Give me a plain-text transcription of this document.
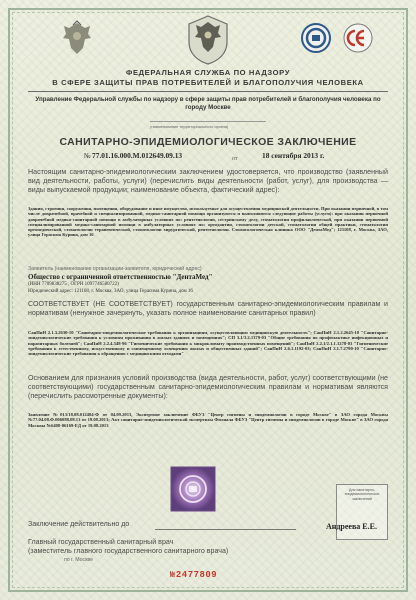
ФЕДЕРАЛЬНАЯ СЛУЖБА ПО НАДЗОРУ
В СФЕРЕ ЗАЩИТЫ ПРАВ ПОТРЕБИТЕЛЕЙ И БЛАГОПОЛУЧИЯ ЧЕЛОВЕКА
Управление Федеральной службы по надзору в сфере защиты прав потребителей и благополучия человека по городу Москве
(наименование территориального органа)
САНИТАРНО-ЭПИДЕМИОЛОГИЧЕСКОЕ ЗАКЛЮЧЕНИЕ
№ 77.01.16.000.М.012649.09.13	от	18 сентября 2013 г.
Настоящим санитарно-эпидемиологическим заключением удостоверяется, что производство (заявленный вид деятельности, работы, услуги) (перечислить виды деятельности (работ, услуг), для производства — виды выпускаемой продукции; наименование объекта, фактический адрес):
Здания, строения, сооружения, помещения, оборудование и иное имущество, используемые для осуществления медицинской деятельности. При оказании первичной, в том числе доврачебной, врачебной и специализированной, медико-санитарной помощи организуются и выполняются следующие работы (услуги): при оказании первичной доврачебной медико-санитарной помощи в амбулаторных условиях по: рентгенологии, сестринскому делу, стоматологии профилактической, при оказании первичной специализированной медико-санитарной помощи в амбулаторных условиях по: ортодонтии, стоматологии детской, стоматологии общей практики, стоматологии ортопедической, стоматологии терапевтической, стоматологии хирургической, рентгенологии. Стоматологическая клиника ООО "ДентаМед"; 121108, г. Москва, ЗАО, улица Герасима Курина, дом 16
Заявитель (наименование организации-заявителя, юридический адрес)
Общество с ограниченной ответственностью "ДентаМед"
(ИНН 7709838275 , ОГРН 1097746580722)
Юридический адрес: 121108, г. Москва, ЗАО, улица Герасима Курина, дом 16
СООТВЕТСТВУЕТ (НЕ СООТВЕТСТВУЕТ) государственным санитарно-эпидемиологическим правилам и нормативам (ненужное зачеркнуть, указать полное наименование санитарных правил)
СанПиН 2.1.3.2630-10 "Санитарно-эпидемиологические требования к организациям, осуществляющим медицинскую деятельность"; СанПиН 2.1.2.2645-10 "Санитарно-эпидемиологические требования к условиям проживания в жилых зданиях и помещениях"; СП 3.1/3.2.1379-03 "Общие требования по профилактике инфекционных и паразитарных болезней"; СанПиН 2.2.4.548-96 "Гигиенические требования к микроклимату производственных помещений"; СанПиН 2.2.1/2.1.1.1278-03 "Гигиенические требования к естественному, искусственному и совмещенному освещению жилых и общественных зданий"; СанПиН 2.6.1.1192-03; СанПиН 2.1.7.2790-10 "Санитарно-эпидемиологические требования к обращению с медицинскими отходами"
Основанием для признания условий производства (вида деятельности, работ, услуг) соответствующими (не соответствующими) государственным санитарно-эпидемиологическим правилам и нормативам являются (перечислить рассмотренные документы):
Заявление №013/18.08.012484-Ф от 04.09.2013, Экспертное заключение ФБУЗ "Центр гигиены и эпидемиологии в городе Москве" в ЗАО города Москвы №77.04.08.Ф.006088.08.13 от 19.08.2013; Акт санитарно-эпидемиологической экспертизы Филиала ФБУЗ "Центр гигиены и эпидемиологии в городе Москве" в ЗАО города Москвы №6408-06169-ЕД от 19.08.2013
Заключение действительно до
Главный государственный санитарный врач
(заместитель главного государственного санитарного врача)
по г. Москве
Для санитарно-эпидемиологических заключений
Андреева Е.Е.
№2477809
